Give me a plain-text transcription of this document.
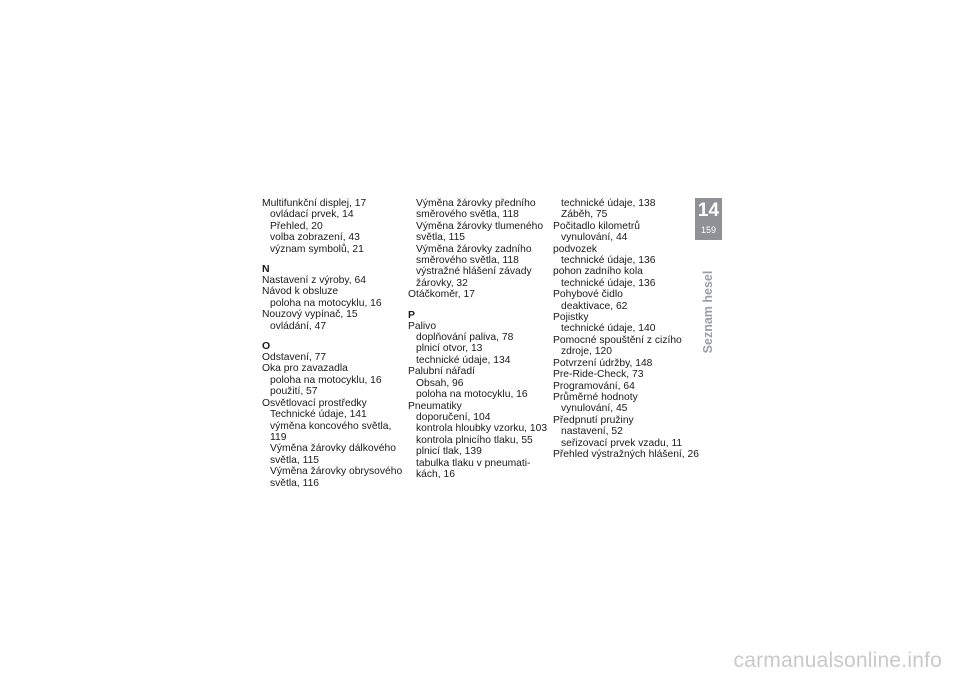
Multifunkční displej, 17
ovládací prvek, 14
Přehled, 20
volba zobrazení, 43
význam symbolů, 21
N
Nastavení z výroby, 64
Návod k obsluze
poloha na motocyklu, 16
Nouzový vypínač, 15
ovládání, 47
O
Odstavení, 77
Oka pro zavazadla
poloha na motocyklu, 16
použití, 57
Osvětlovací prostředky
Technické údaje, 141
výměna koncového světla, 119
Výměna žárovky dálkového
světla, 115
Výměna žárovky obrysového
světla, 116
Výměna žárovky předního
směrového světla, 118
Výměna žárovky tlumeného
světla, 115
Výměna žárovky zadního
směrového světla, 118
výstražné hlášení závady
žárovky, 32
Otáčkoměr, 17
P
Palivo
doplňování paliva, 78
plnicí otvor, 13
technické údaje, 134
Palubní nářadí
Obsah, 96
poloha na motocyklu, 16
Pneumatiky
doporučení, 104
kontrola hloubky vzorku, 103
kontrola plnicího tlaku, 55
plnicí tlak, 139
tabulka tlaku v pneumati-
kách, 16
technické údaje, 138
Záběh, 75
Počitadlo kilometrů
vynulování, 44
podvozek
technické údaje, 136
pohon zadního kola
technické údaje, 136
Pohybové čidlo
deaktivace, 62
Pojistky
technické údaje, 140
Pomocné spouštění z cizího
zdroje, 120
Potvrzení údržby, 148
Pre-Ride-Check, 73
Programování, 64
Průměrné hodnoty
vynulování, 45
Předpnutí pružiny
nastavení, 52
seřizovací prvek vzadu, 11
Přehled výstražných hlášení, 26
14
159
Seznam hesel
carmanualsonline.info
